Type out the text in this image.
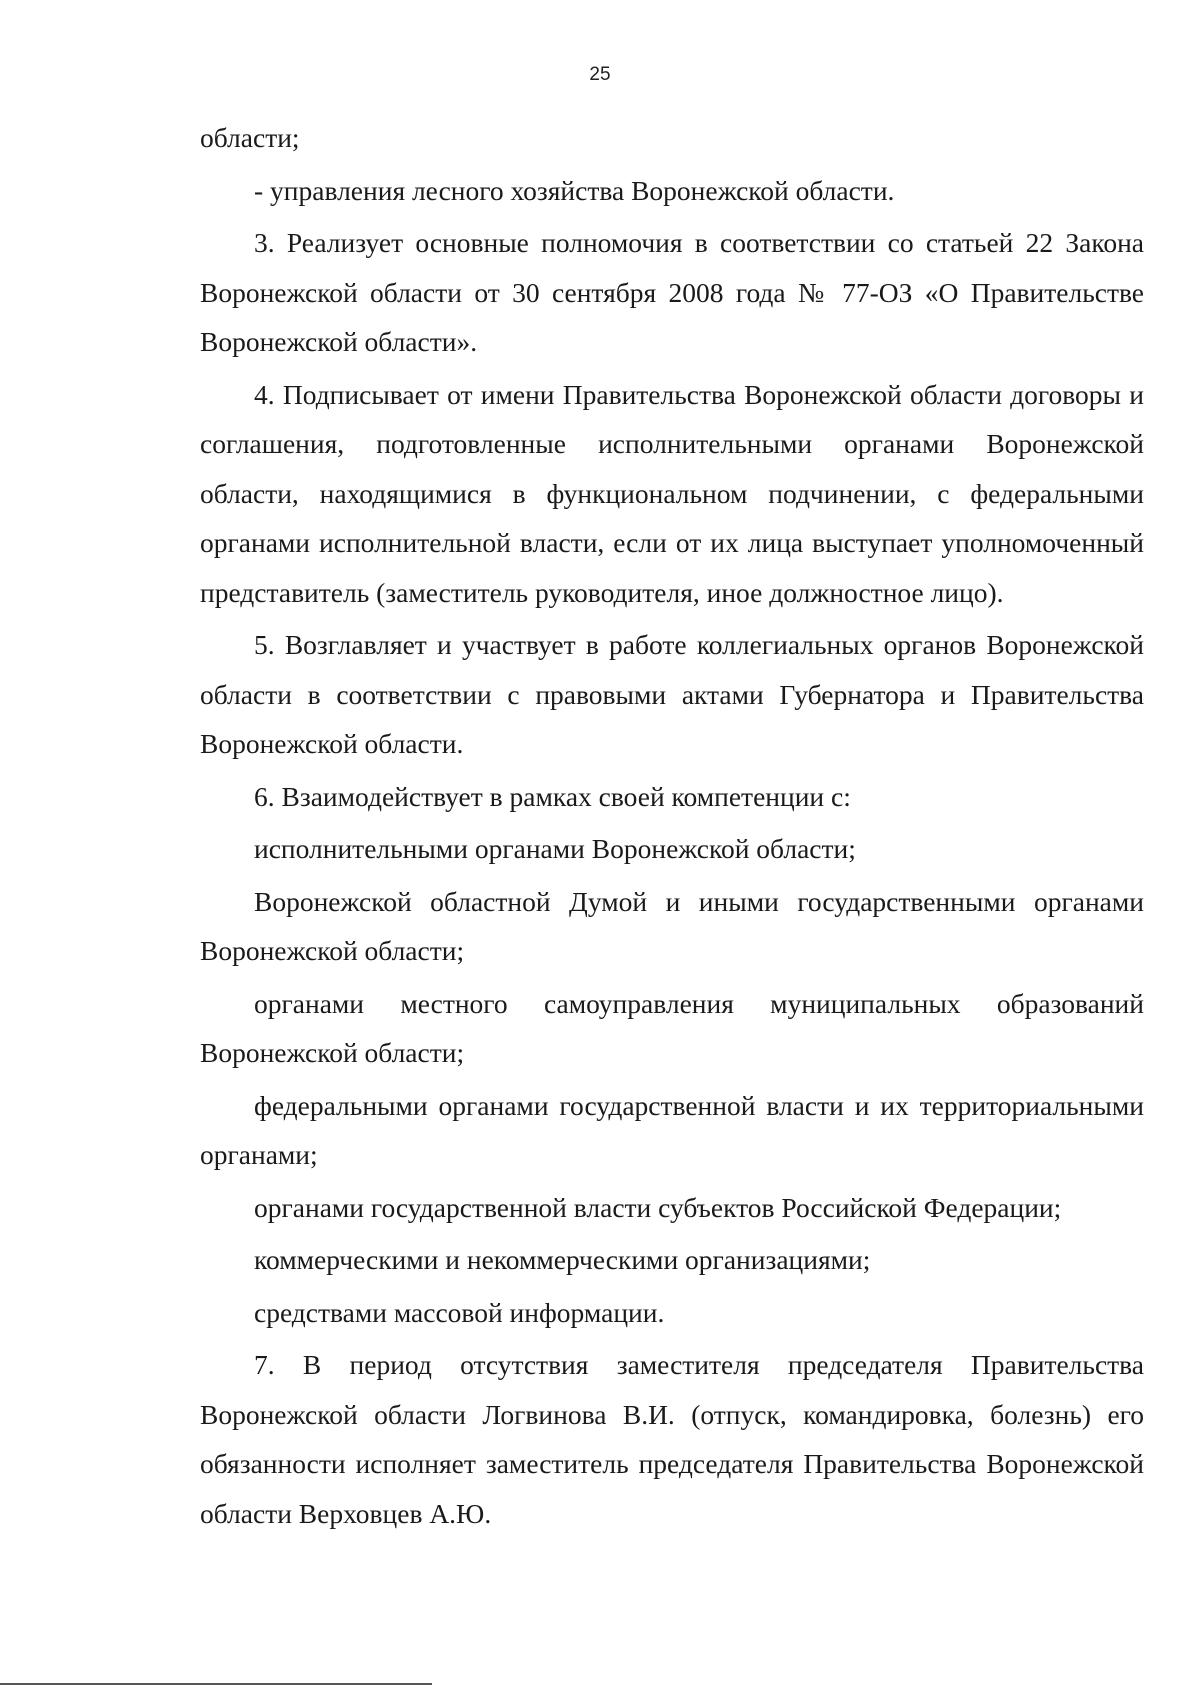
25

области;

- управления лесного хозяйства Воронежской области.

3. Реализует основные полномочия в соответствии со статьей 22 Закона Воронежской области от 30 сентября 2008 года № 77-ОЗ «О Правительстве Воронежской области».

4. Подписывает от имени Правительства Воронежской области договоры и соглашения, подготовленные исполнительными органами Воронежской области, находящимися в функциональном подчинении, с федеральными органами исполнительной власти, если от их лица выступает уполномоченный представитель (заместитель руководителя, иное должностное лицо).

5. Возглавляет и участвует в работе коллегиальных органов Воронежской области в соответствии с правовыми актами Губернатора и Правительства Воронежской области.

6. Взаимодействует в рамках своей компетенции с:

исполнительными органами Воронежской области;

Воронежской областной Думой и иными государственными органами Воронежской области;

органами местного самоуправления муниципальных образований Воронежской области;

федеральными органами государственной власти и их территориальными органами;

органами государственной власти субъектов Российской Федерации;

коммерческими и некоммерческими организациями;

средствами массовой информации.

7. В период отсутствия заместителя председателя Правительства Воронежской области Логвинова В.И. (отпуск, командировка, болезнь) его обязанности исполняет заместитель председателя Правительства Воронежской области Верховцев А.Ю.
